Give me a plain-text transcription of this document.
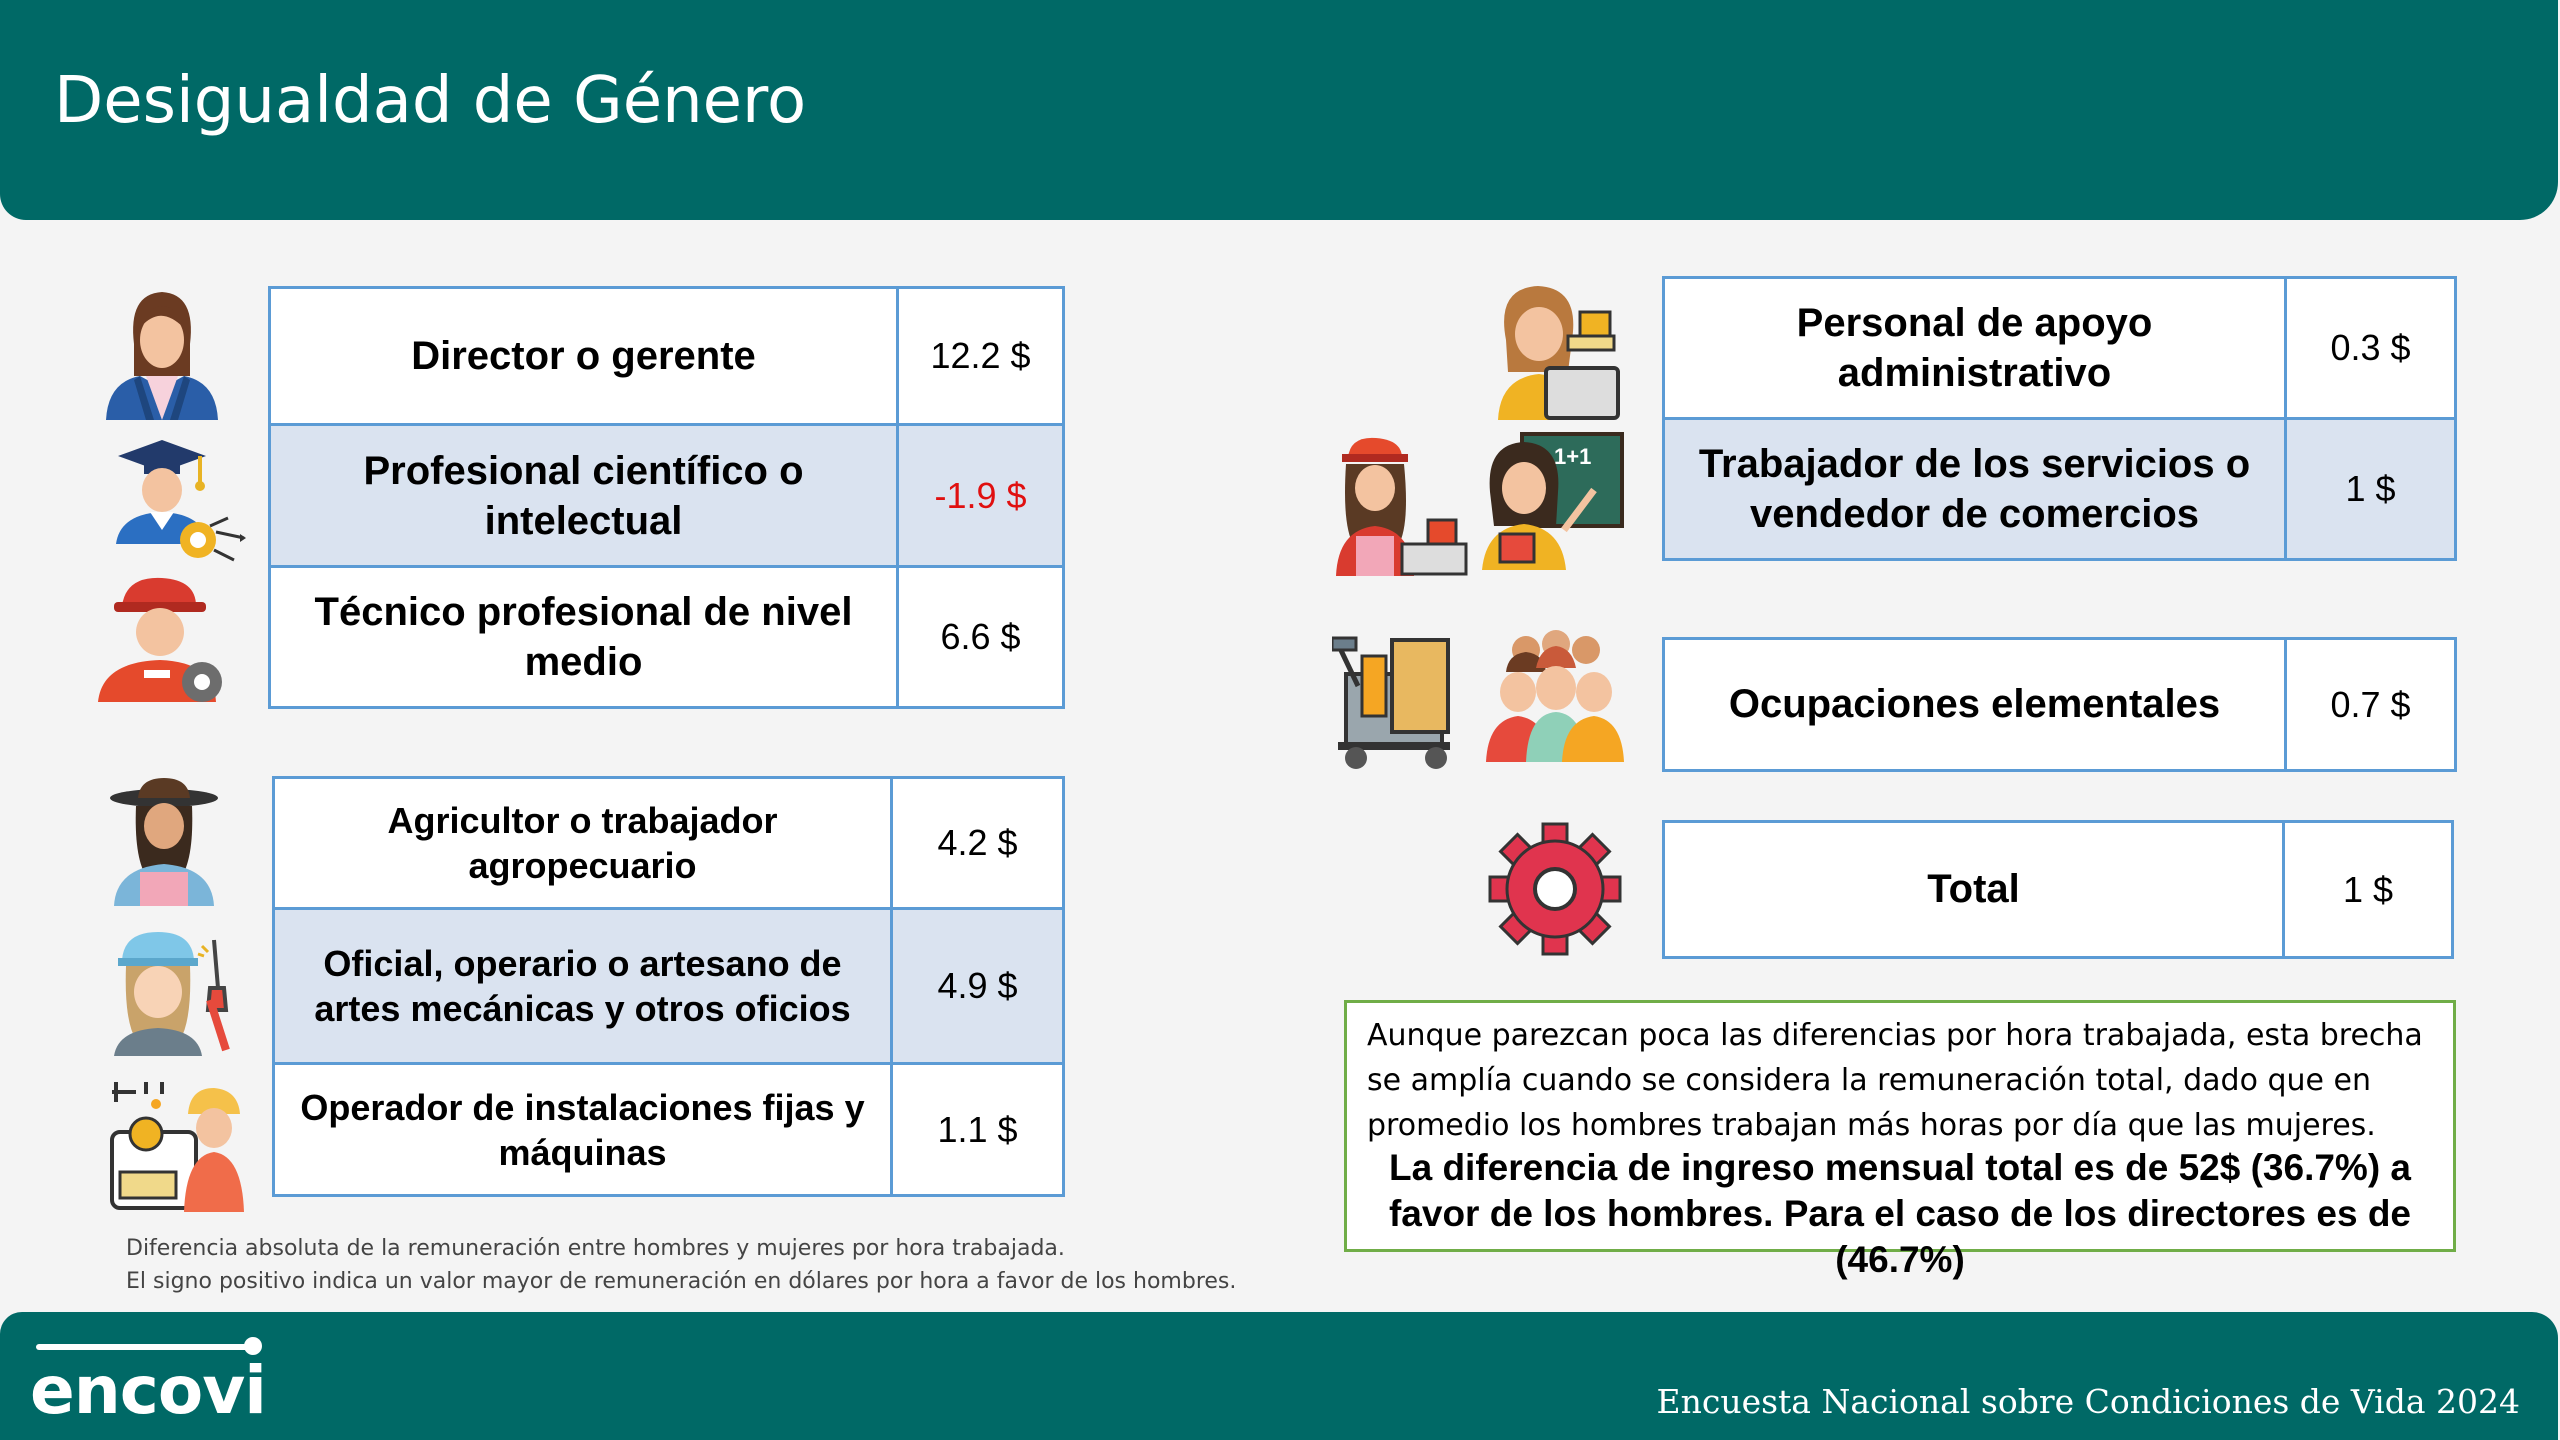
Desigualdad de Género
Director o gerente	12.2 $
Profesional científico o intelectual	-1.9 $
Técnico profesional de nivel medio	6.6 $
Agricultor o trabajador agropecuario	4.2 $
Oficial, operario o artesano de artes mecánicas y otros oficios	4.9 $
Operador de instalaciones fijas y máquinas	1.1 $
Personal de apoyo administrativo	0.3 $
Trabajador de los servicios o vendedor de comercios	1 $
Ocupaciones elementales	0.7 $
Total	1 $
1+1

Diferencia absoluta de la remuneración entre hombres y mujeres por hora trabajada.

El signo positivo indica un valor mayor de remuneración en dólares por hora a favor de los hombres.

Aunque parezcan poca las diferencias por hora trabajada, esta brecha se amplía cuando se considera la remuneración total, dado que en promedio los hombres trabajan más horas por día que las mujeres.

La diferencia de ingreso mensual total es de 52$ (36.7%) a favor de los hombres. Para el caso de los directores es de (46.7%)

encovi	Encuesta Nacional sobre Condiciones de Vida 2024
